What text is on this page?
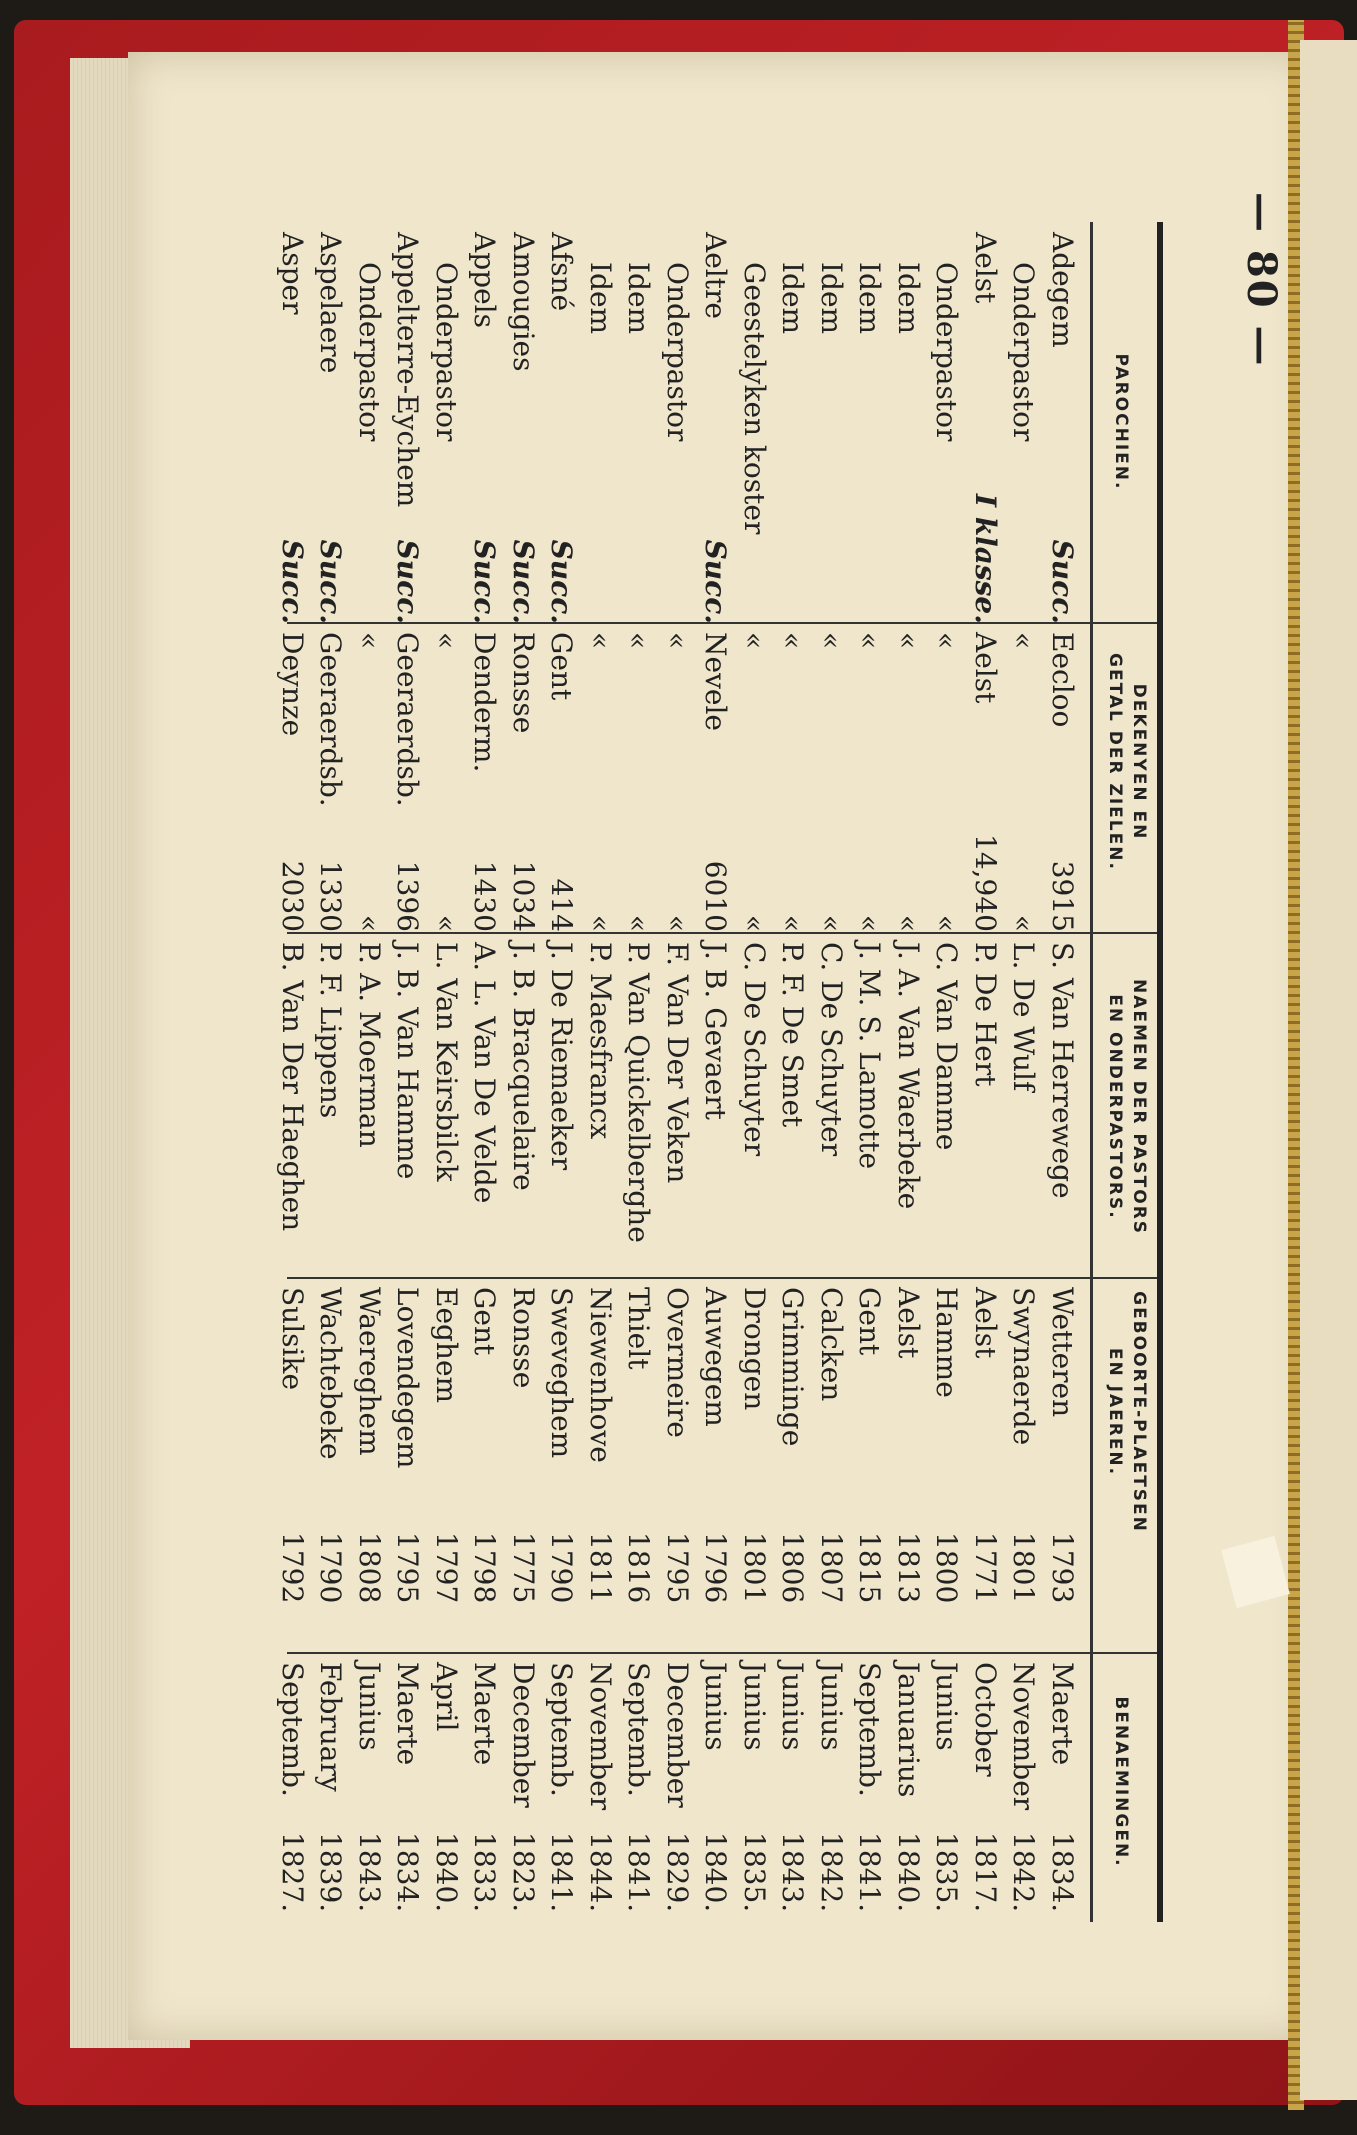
— 80 —
PAROCHIEN.
DEKENYEN EN
GETAL DER ZIELEN.
NAEMEN DER PASTORS
EN ONDERPASTORS.
GEBOORTE-PLAETSEN
EN JAEREN.
BENAEMINGEN.
Adegem
Succ.
Eecloo
3915
S. Van Herrewege
Wetteren
1793
Maerte
1834.
Onderpastor
«
«
L. De Wulf
Swynaerde
1801
November
1842.
Aelst
I klasse.
Aelst
14,940
P. De Hert
Aelst
1771
October
1817.
Onderpastor
«
«
C. Van Damme
Hamme
1800
Junius
1835.
Idem
«
«
J. A. Van Waerbeke
Aelst
1813
Januarius
1840.
Idem
«
«
J. M. S. Lamotte
Gent
1815
Septemb.
1841.
Idem
«
«
C. De Schuyter
Calcken
1807
Junius
1842.
Idem
«
«
P. F. De Smet
Grimminge
1806
Junius
1843.
Geestelyken koster
«
«
C. De Schuyter
Drongen
1801
Junius
1835.
Aeltre
Succ.
Nevele
6010
J. B. Gevaert
Auwegem
1796
Junius
1840.
Onderpastor
«
«
F. Van Der Veken
Overmeire
1795
December
1829.
Idem
«
«
P. Van Quickelberghe
Thielt
1816
Septemb.
1841.
Idem
«
«
P. Maesfrancx
Niewenhove
1811
November
1844.
Afsné
Succ.
Gent
414
J. De Riemaeker
Sweveghem
1790
Septemb.
1841.
Amougies
Succ.
Ronsse
1034
J. B. Bracquelaire
Ronsse
1775
December
1823.
Appels
Succ.
Denderm.
1430
A. L. Van De Velde
Gent
1798
Maerte
1833.
Onderpastor
«
«
L. Van Keirsbilck
Eeghem
1797
April
1840.
Appelterre-Eychem
Succ.
Geeraerdsb.
1396
J. B. Van Hamme
Lovendegem
1795
Maerte
1834.
Onderpastor
«
«
P. A. Moerman
Waereghem
1808
Junius
1843.
Aspelaere
Succ.
Geeraerdsb.
1330
P. F. Lippens
Wachtebeke
1790
February
1839.
Asper
Succ.
Deynze
2030
B. Van Der Haeghen
Sulsike
1792
Septemb.
1827.
